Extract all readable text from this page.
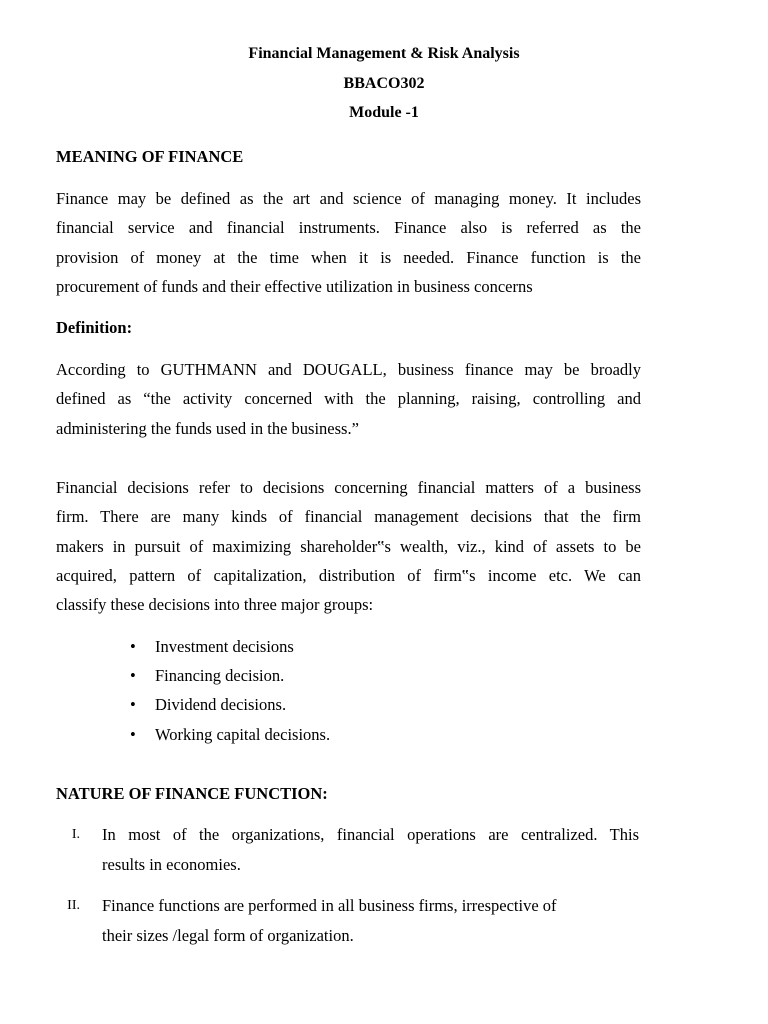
Financial Management & Risk Analysis
BBACO302
Module -1
MEANING OF FINANCE
Finance may be defined as the art and science of managing money. It includes
financial service and financial instruments. Finance also is referred as the
provision of money at the time when it is needed. Finance function is the
procurement of funds and their effective utilization in business concerns
Definition:
According to GUTHMANN and DOUGALL, business finance may be broadly
defined as “the activity concerned with the planning, raising, controlling and
administering the funds used in the business.”
Financial decisions refer to decisions concerning financial matters of a business
firm. There are many kinds of financial management decisions that the firm
makers in pursuit of maximizing shareholder‟s wealth, viz., kind of assets to be
acquired, pattern of capitalization, distribution of firm‟s income etc. We can
classify these decisions into three major groups:
• Investment decisions
• Financing decision.
• Dividend decisions.
• Working capital decisions.
NATURE OF FINANCE FUNCTION:
I. In most of the organizations, financial operations are centralized. This
results in economies.
II. Finance functions are performed in all business firms, irrespective of
their sizes /legal form of organization.
